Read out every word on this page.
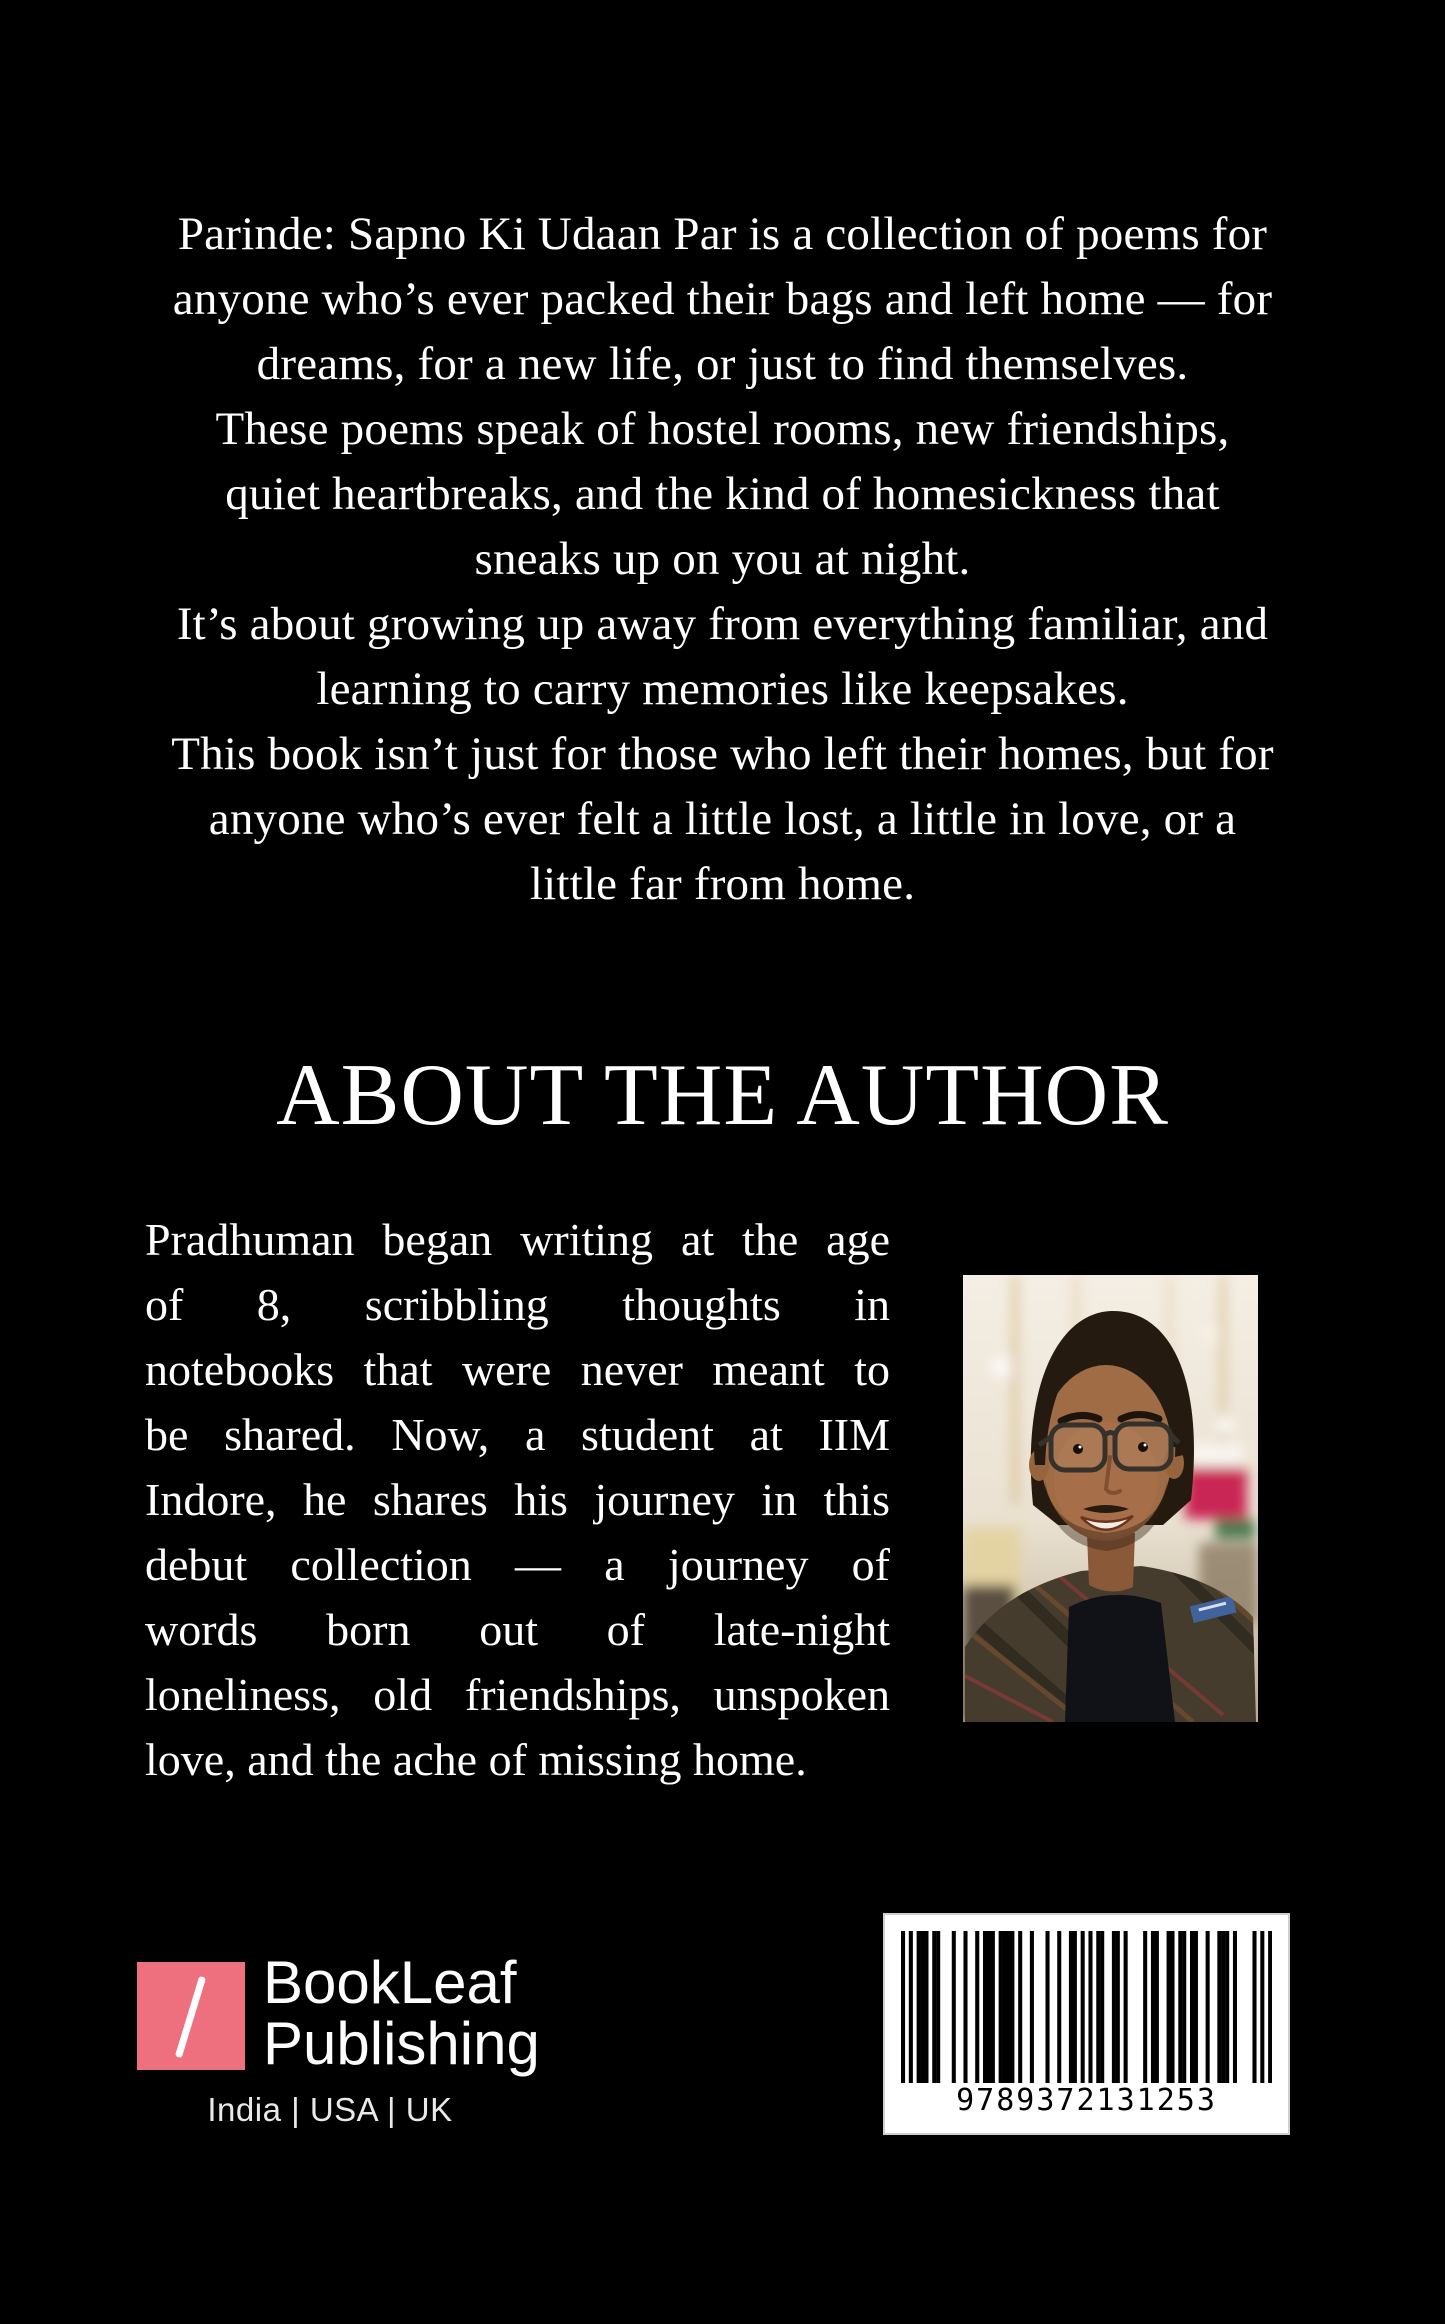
Parinde: Sapno Ki Udaan Par is a collection of poems for
anyone who’s ever packed their bags and left home — for
dreams, for a new life, or just to find themselves.
These poems speak of hostel rooms, new friendships,
quiet heartbreaks, and the kind of homesickness that
sneaks up on you at night.
It’s about growing up away from everything familiar, and
learning to carry memories like keepsakes.
This book isn’t just for those who left their homes, but for
anyone who’s ever felt a little lost, a little in love, or a
little far from home.
ABOUT THE AUTHOR
Pradhuman began writing at the age
of 8, scribbling thoughts in
notebooks that were never meant to
be shared. Now, a student at IIM
Indore, he shares his journey in this
debut collection — a journey of
words born out of late-night
loneliness, old friendships, unspoken
love, and the ache of missing home.
BookLeaf
Publishing
India | USA | UK	9789372131253
